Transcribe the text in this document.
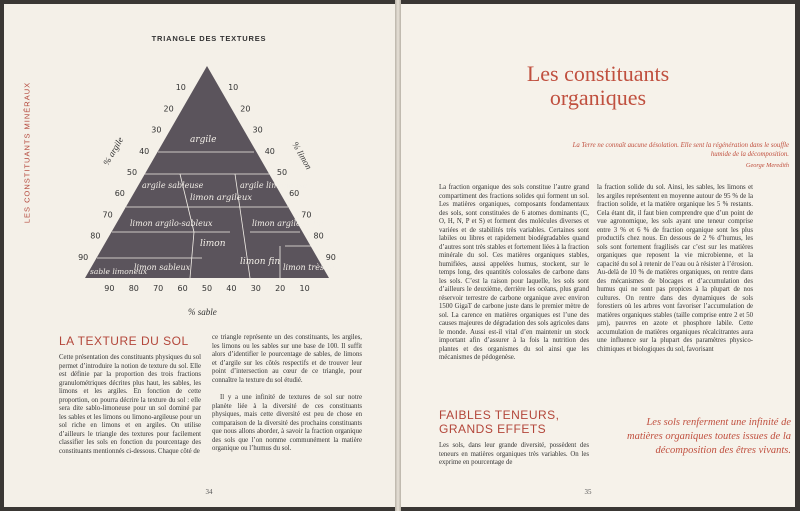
LES CONSTITUANTS MINÉRAUX
TRIANGLE DES TEXTURES
argile
argile sableuse	argile limoneuse
limon argileux
limon argilo-sableux	limon argileux fin
limon
limon sableux
sable limoneux
limon fin
limon très fin
90
80
70
60
50
40
30
20
10	10
20
30
40
50
60
70
80
90
90 80 70 60 50 40 30 20 10
% argile	% limon
% sable
LA TEXTURE DU SOL
Cette présentation des constituants physiques du sol permet d’introduire la notion de texture du sol. Elle est définie par la proportion des trois fractions granulométriques décrites plus haut, les sables, les limons et les argiles. En fonction de cette proportion, on pourra décrire la texture du sol : elle sera dite sablo-limoneuse pour un sol dominé par les sables et les limons ou limono-argileuse pour un sol riche en limons et en argiles. On utilise d’ailleurs le triangle des textures pour facilement classifier les sols en fonction du pourcentage des constituants mentionnés ci-dessous. Chaque côté de
ce triangle représente un des constituants, les argiles, les limons ou les sables sur une base de 100. Il suffit alors d’identifier le pourcentage de sables, de limons et d’argile sur les côtés respectifs et de trouver leur point d’intersection au cœur de ce triangle, pour connaître la texture du sol étudié.
Il y a une infinité de textures de sol sur notre planète liée à la diversité de ces constituants physiques, mais cette diversité est peu de chose en comparaison de la diversité des prochains constituants que nous allons aborder, à savoir la fraction organique des sols que l’on nomme communément la matière organique ou l’humus du sol.
34
Les constituants organiques
La Terre ne connaît aucune désolation. Elle sent la régénération dans le souffle humide de la décomposition.
George Meredith
La fraction organique des sols constitue l’autre grand compartiment des fractions solides qui forment un sol. Les matières organiques, composants fondamentaux des sols, sont constituées de 6 atomes dominants (C, O, H, N, P et S) et forment des molécules diverses et variées et de stabilités très variables. Certaines sont labiles ou libres et rapidement biodégradables quand d’autres sont très stables et fortement liées à la fraction minérale du sol. Ces matières organiques stables, humifiées, aussi appelées humus, stockent, sur le temps long, des quantités colossales de carbone dans les sols. C’est la raison pour laquelle, les sols sont d’ailleurs le deuxième, derrière les océans, plus grand réservoir terrestre de carbone organique avec environ 1500 GigaT de carbone juste dans le premier mètre de sol. La carence en matières organiques est l’une des causes majeures de dégradation des sols agricoles dans le monde. Aussi est-il vital d’en maintenir un stock important afin d’assurer à la fois la nutrition des plantes et des organismes du sol ainsi que les mécanismes de pédogenèse.
FAIBLES TENEURS,
GRANDS EFFETS
Les sols, dans leur grande diversité, possèdent des teneurs en matières organiques très variables. On les exprime en pourcentage de
la fraction solide du sol. Ainsi, les sables, les limons et les argiles représentent en moyenne autour de 95 % de la fraction solide, et la matière organique les 5 % restants. Cela étant dit, il faut bien comprendre que d’un point de vue agronomique, les sols ayant une teneur comprise entre 3 % et 6 % de fraction organique sont les plus productifs chez nous. En dessous de 2 % d’humus, les sols sont fortement fragilisés car c’est sur les matières organiques que reposent la vie microbienne, et la capacité du sol à retenir de l’eau ou à résister à l’érosion. Au-delà de 10 % de matières organiques, on rentre dans des mécanismes de blocages et d’accumulation des humus qui ne sont pas propices à la plupart de nos cultures. On rentre dans des dynamiques de sols forestiers où les arbres vont favoriser l’accumulation de matières organiques stables (taille comprise entre 2 et 50 µm), pauvres en azote et phosphore labile. Cette accumulation de matières organiques récalcitrantes aura une influence sur la plupart des paramètres physico-chimiques et biologiques du sol, favorisant
Les sols renferment une infinité de matières organiques toutes issues de la décomposition des êtres vivants.
35
